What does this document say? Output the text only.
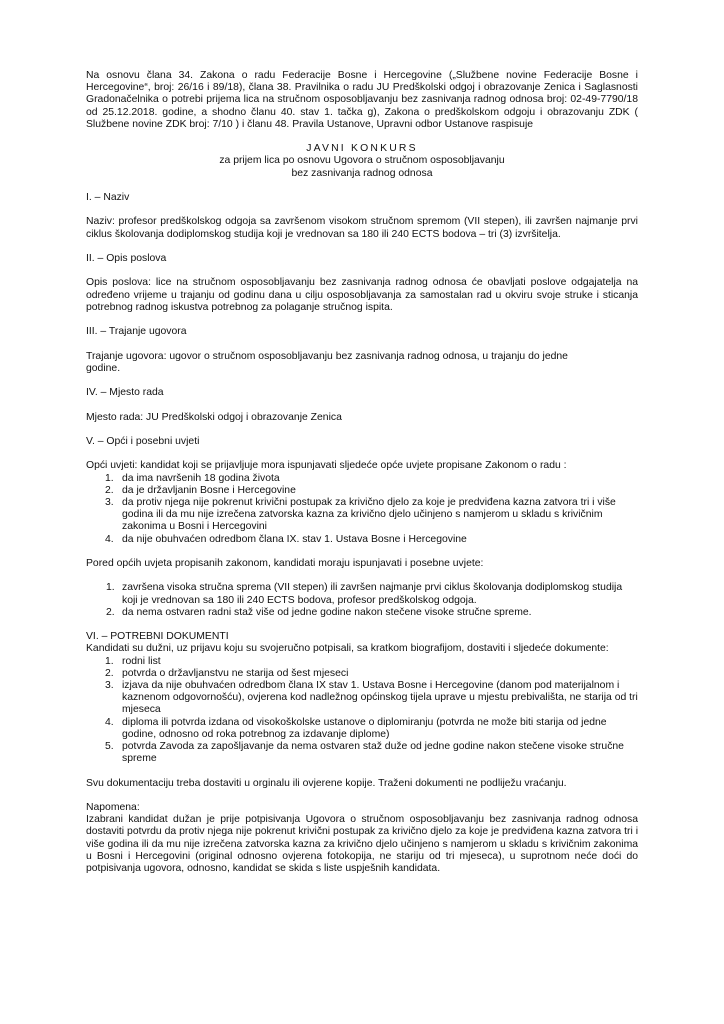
Na osnovu člana 34. Zakona o radu Federacije Bosne i Hercegovine („Službene novine Federacije Bosne i Hercegovine“, broj: 26/16 i 89/18), člana 38. Pravilnika o radu JU Predškolski odgoj i obrazovanje Zenica i Saglasnosti Gradonačelnika o potrebi prijema lica na stručnom osposobljavanju bez zasnivanja radnog odnosa broj: 02-49-7790/18 od 25.12.2018. godine, a shodno članu 40. stav 1. tačka g), Zakona o predškolskom odgoju i obrazovanju ZDK ( Službene novine ZDK broj: 7/10 ) i članu 48. Pravila Ustanove, Upravni odbor Ustanove raspisuje

JAVNI KONKURS

za prijem lica po osnovu Ugovora o stručnom osposobljavanju

bez zasnivanja radnog odnosa

I. – Naziv

Naziv: profesor predškolskog odgoja sa završenom visokom stručnom spremom (VII stepen), ili završen najmanje prvi ciklus školovanja dodiplomskog studija koji je vrednovan sa 180 ili 240 ECTS bodova – tri (3) izvršitelja.

II. – Opis poslova

Opis poslova: lice na stručnom osposobljavanju bez zasnivanja radnog odnosa će obavljati poslove odgajatelja na određeno vrijeme u trajanju od godinu dana u cilju osposobljavanja za samostalan rad u okviru svoje struke i sticanja potrebnog radnog iskustva potrebnog za polaganje stručnog ispita.

III. – Trajanje ugovora

Trajanje ugovora: ugovor o stručnom osposobljavanju bez zasnivanja radnog odnosa, u trajanju do jedne godine.

IV. – Mjesto rada

Mjesto rada: JU Predškolski odgoj i obrazovanje Zenica

V. – Opći i posebni uvjeti

Opći uvjeti: kandidat koji se prijavljuje mora ispunjavati sljedeće opće uvjete propisane Zakonom o radu :

1. da ima navršenih 18 godina života
2. da je državljanin Bosne i Hercegovine
3. da protiv njega nije pokrenut krivični postupak za krivično djelo za koje je predviđena kazna zatvora tri i više godina ili da mu nije izrečena zatvorska kazna za krivično djelo učinjeno s namjerom u skladu s krivičnim zakonima u Bosni i Hercegovini
4. da nije obuhvaćen odredbom člana IX. stav 1. Ustava Bosne i Hercegovine

Pored općih uvjeta propisanih zakonom, kandidati moraju ispunjavati i posebne uvjete:

1. završena visoka stručna sprema (VII stepen) ili završen najmanje prvi ciklus školovanja dodiplomskog studija koji je vrednovan sa 180 ili 240 ECTS bodova, profesor predškolskog odgoja.
2. da nema ostvaren radni staž više od jedne godine nakon stečene visoke stručne spreme.

VI. – POTREBNI DOKUMENTI

Kandidati su dužni, uz prijavu koju su svojeručno potpisali, sa kratkom biografijom, dostaviti i sljedeće dokumente:

1. rodni list
2. potvrda o državljanstvu ne starija od šest mjeseci
3. izjava da nije obuhvaćen odredbom člana IX stav 1. Ustava Bosne i Hercegovine (danom pod materijalnom i kaznenom odgovornošću), ovjerena kod nadležnog općinskog tijela uprave u mjestu prebivališta, ne starija od tri mjeseca
4. diploma ili potvrda izdana od visokoškolske ustanove o diplomiranju (potvrda ne može biti starija od jedne godine, odnosno od roka potrebnog za izdavanje diplome)
5. potvrda Zavoda za zapošljavanje da nema ostvaren staž duže od jedne godine nakon stečene visoke stručne spreme

Svu dokumentaciju treba dostaviti u orginalu ili ovjerene kopije. Traženi dokumenti ne podliježu vraćanju.

Napomena:

Izabrani kandidat dužan je prije potpisivanja Ugovora o stručnom osposobljavanju bez zasnivanja radnog odnosa dostaviti potvrdu da protiv njega nije pokrenut krivični postupak za krivično djelo za koje je predviđena kazna zatvora tri i više godina ili da mu nije izrečena zatvorska kazna za krivično djelo učinjeno s namjerom u skladu s krivičnim zakonima u Bosni i Hercegovini (original odnosno ovjerena fotokopija, ne stariju od tri mjeseca), u suprotnom neće doći do potpisivanja ugovora, odnosno, kandidat se skida s liste uspješnih kandidata.
